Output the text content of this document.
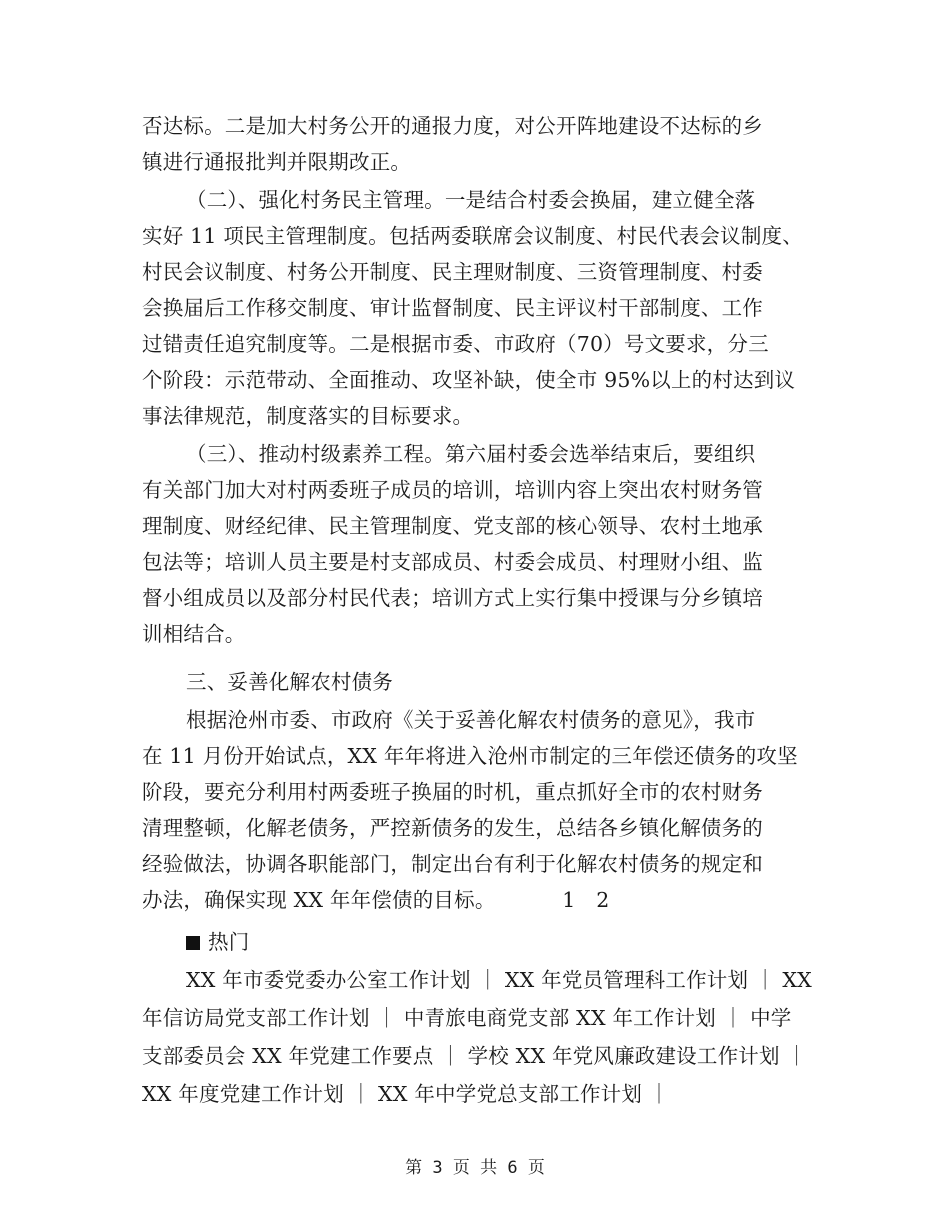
否达标。二是加大村务公开的通报力度，对公开阵地建设不达标的乡
镇进行通报批判并限期改正。
（二）、强化村务民主管理。一是结合村委会换届，建立健全落
实好 11 项民主管理制度。包括两委联席会议制度、村民代表会议制度、
村民会议制度、村务公开制度、民主理财制度、三资管理制度、村委
会换届后工作移交制度、审计监督制度、民主评议村干部制度、工作
过错责任追究制度等。二是根据市委、市政府（70）号文要求，分三
个阶段：示范带动、全面推动、攻坚补缺，使全市 95%以上的村达到议
事法律规范，制度落实的目标要求。
（三）、推动村级素养工程。第六届村委会选举结束后，要组织
有关部门加大对村两委班子成员的培训，培训内容上突出农村财务管
理制度、财经纪律、民主管理制度、党支部的核心领导、农村土地承
包法等；培训人员主要是村支部成员、村委会成员、村理财小组、监
督小组成员以及部分村民代表；培训方式上实行集中授课与分乡镇培
训相结合。
三、妥善化解农村债务
根据沧州市委、市政府《关于妥善化解农村债务的意见》，我市
在 11 月份开始试点，XX 年年将进入沧州市制定的三年偿还债务的攻坚
阶段，要充分利用村两委班子换届的时机，重点抓好全市的农村财务
清理整顿，化解老债务，严控新债务的发生，总结各乡镇化解债务的
经验做法，协调各职能部门，制定出台有利于化解农村债务的规定和
办法，确保实现 XX 年年偿债的目标。	1 2
热门
XX 年市委党委办公室工作计划 ｜ XX 年党员管理科工作计划 ｜ XX
年信访局党支部工作计划 ｜ 中青旅电商党支部 XX 年工作计划 ｜ 中学
支部委员会 XX 年党建工作要点 ｜ 学校 XX 年党风廉政建设工作计划 ｜
XX 年度党建工作计划 ｜ XX 年中学党总支部工作计划 ｜
第 3 页 共 6 页
